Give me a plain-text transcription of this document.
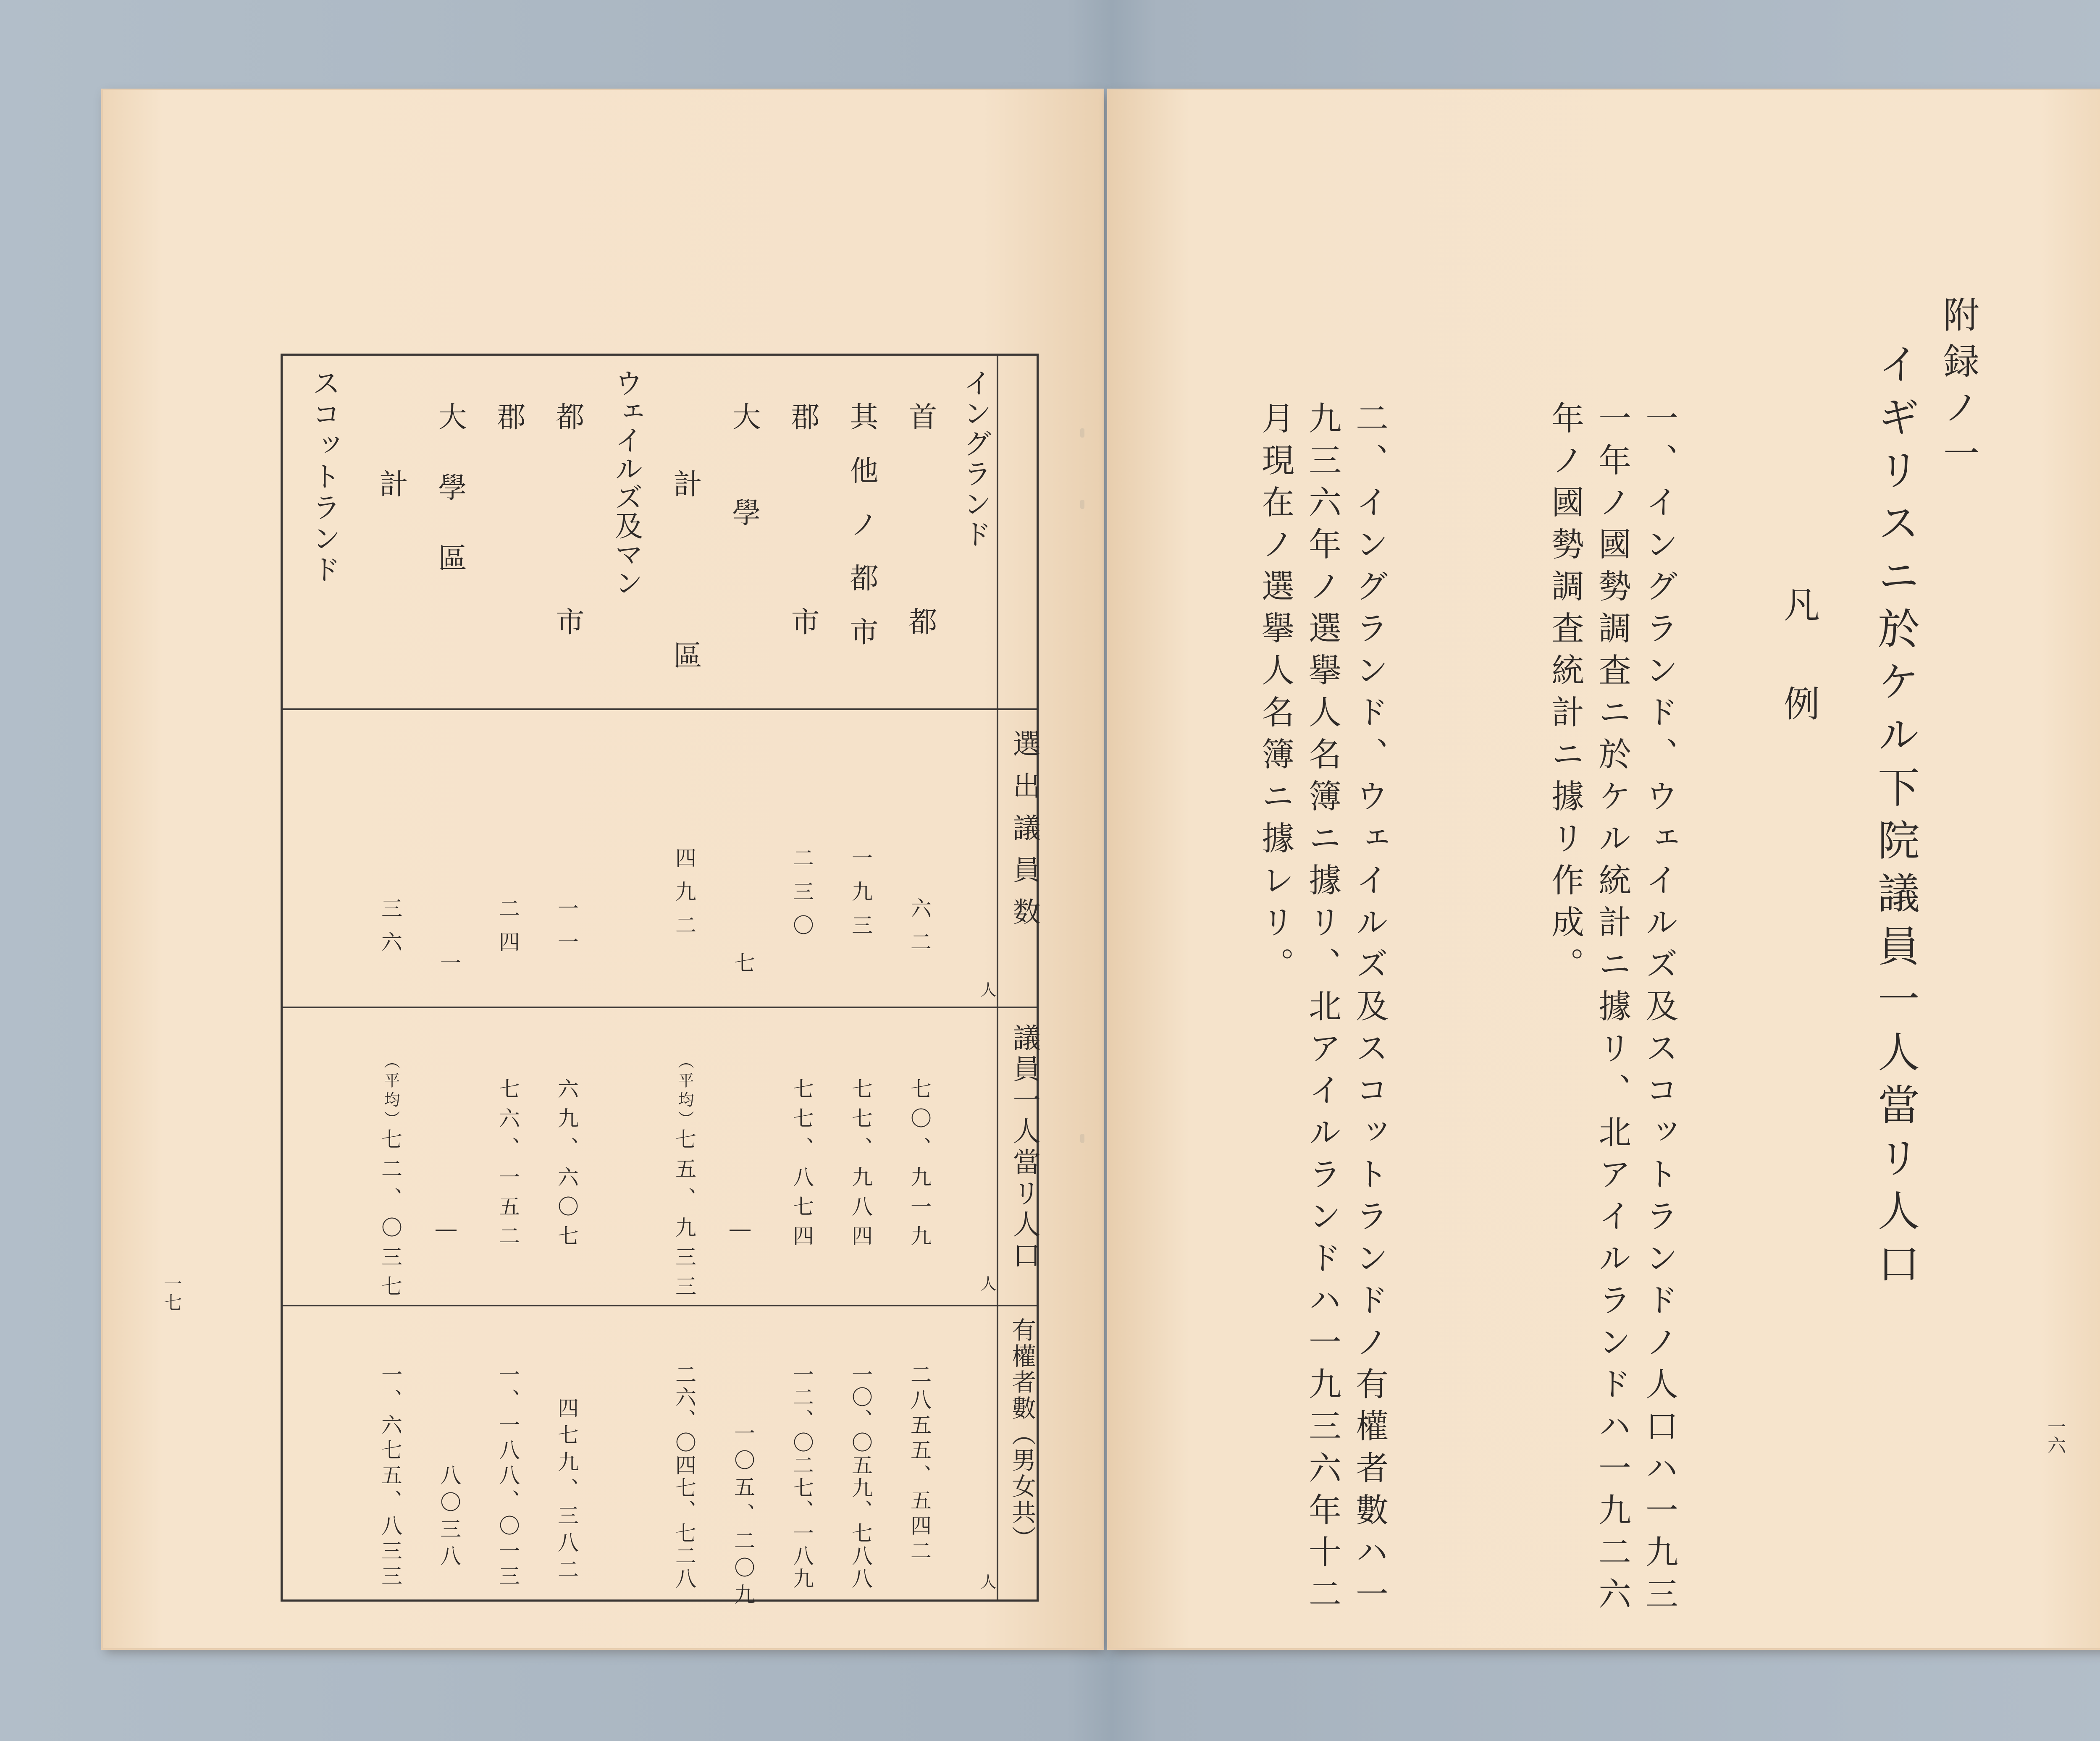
選出議員数
議員一人當リ人口
有權者數（男女共）
人
人
人
イングランド
首都
其他ノ都市
郡市
大學
計區
ウェイルズ及マン
都市
郡
大學區
計
スコットランド
六二
一九三
二三〇
七
四九二
一一
二四
一
三六
七〇、九一九
七七、九八四
七七、八七四
―
（平均）
七五、九三三
六九、六〇七
七六、一五二
―
（平均）
七二、〇三七
二八五五、五四二
一〇、〇五九、七八八
一二、〇二七、一八九
一〇五、二〇九
二六、〇四七、七二八
四七九、三八二
一、一八八、〇一三
八〇三八
一、六七五、八三三
一七
附録ノ一
イギリスニ於ケル下院議員一人當リ人口
凡例
一、イングランド、ウェイルズ及スコットランドノ人口ハ一九三一年ノ國勢調査ニ於ケル統計ニ據リ、北アイルランドハ一九二六年ノ國勢調査統計ニ據リ作成。
二、イングランド、ウェイルズ及スコットランドノ有權者數ハ一九三六年ノ選擧人名簿ニ據リ、北アイルランドハ一九三六年十二月現在ノ選擧人名簿ニ據レリ。
一六
